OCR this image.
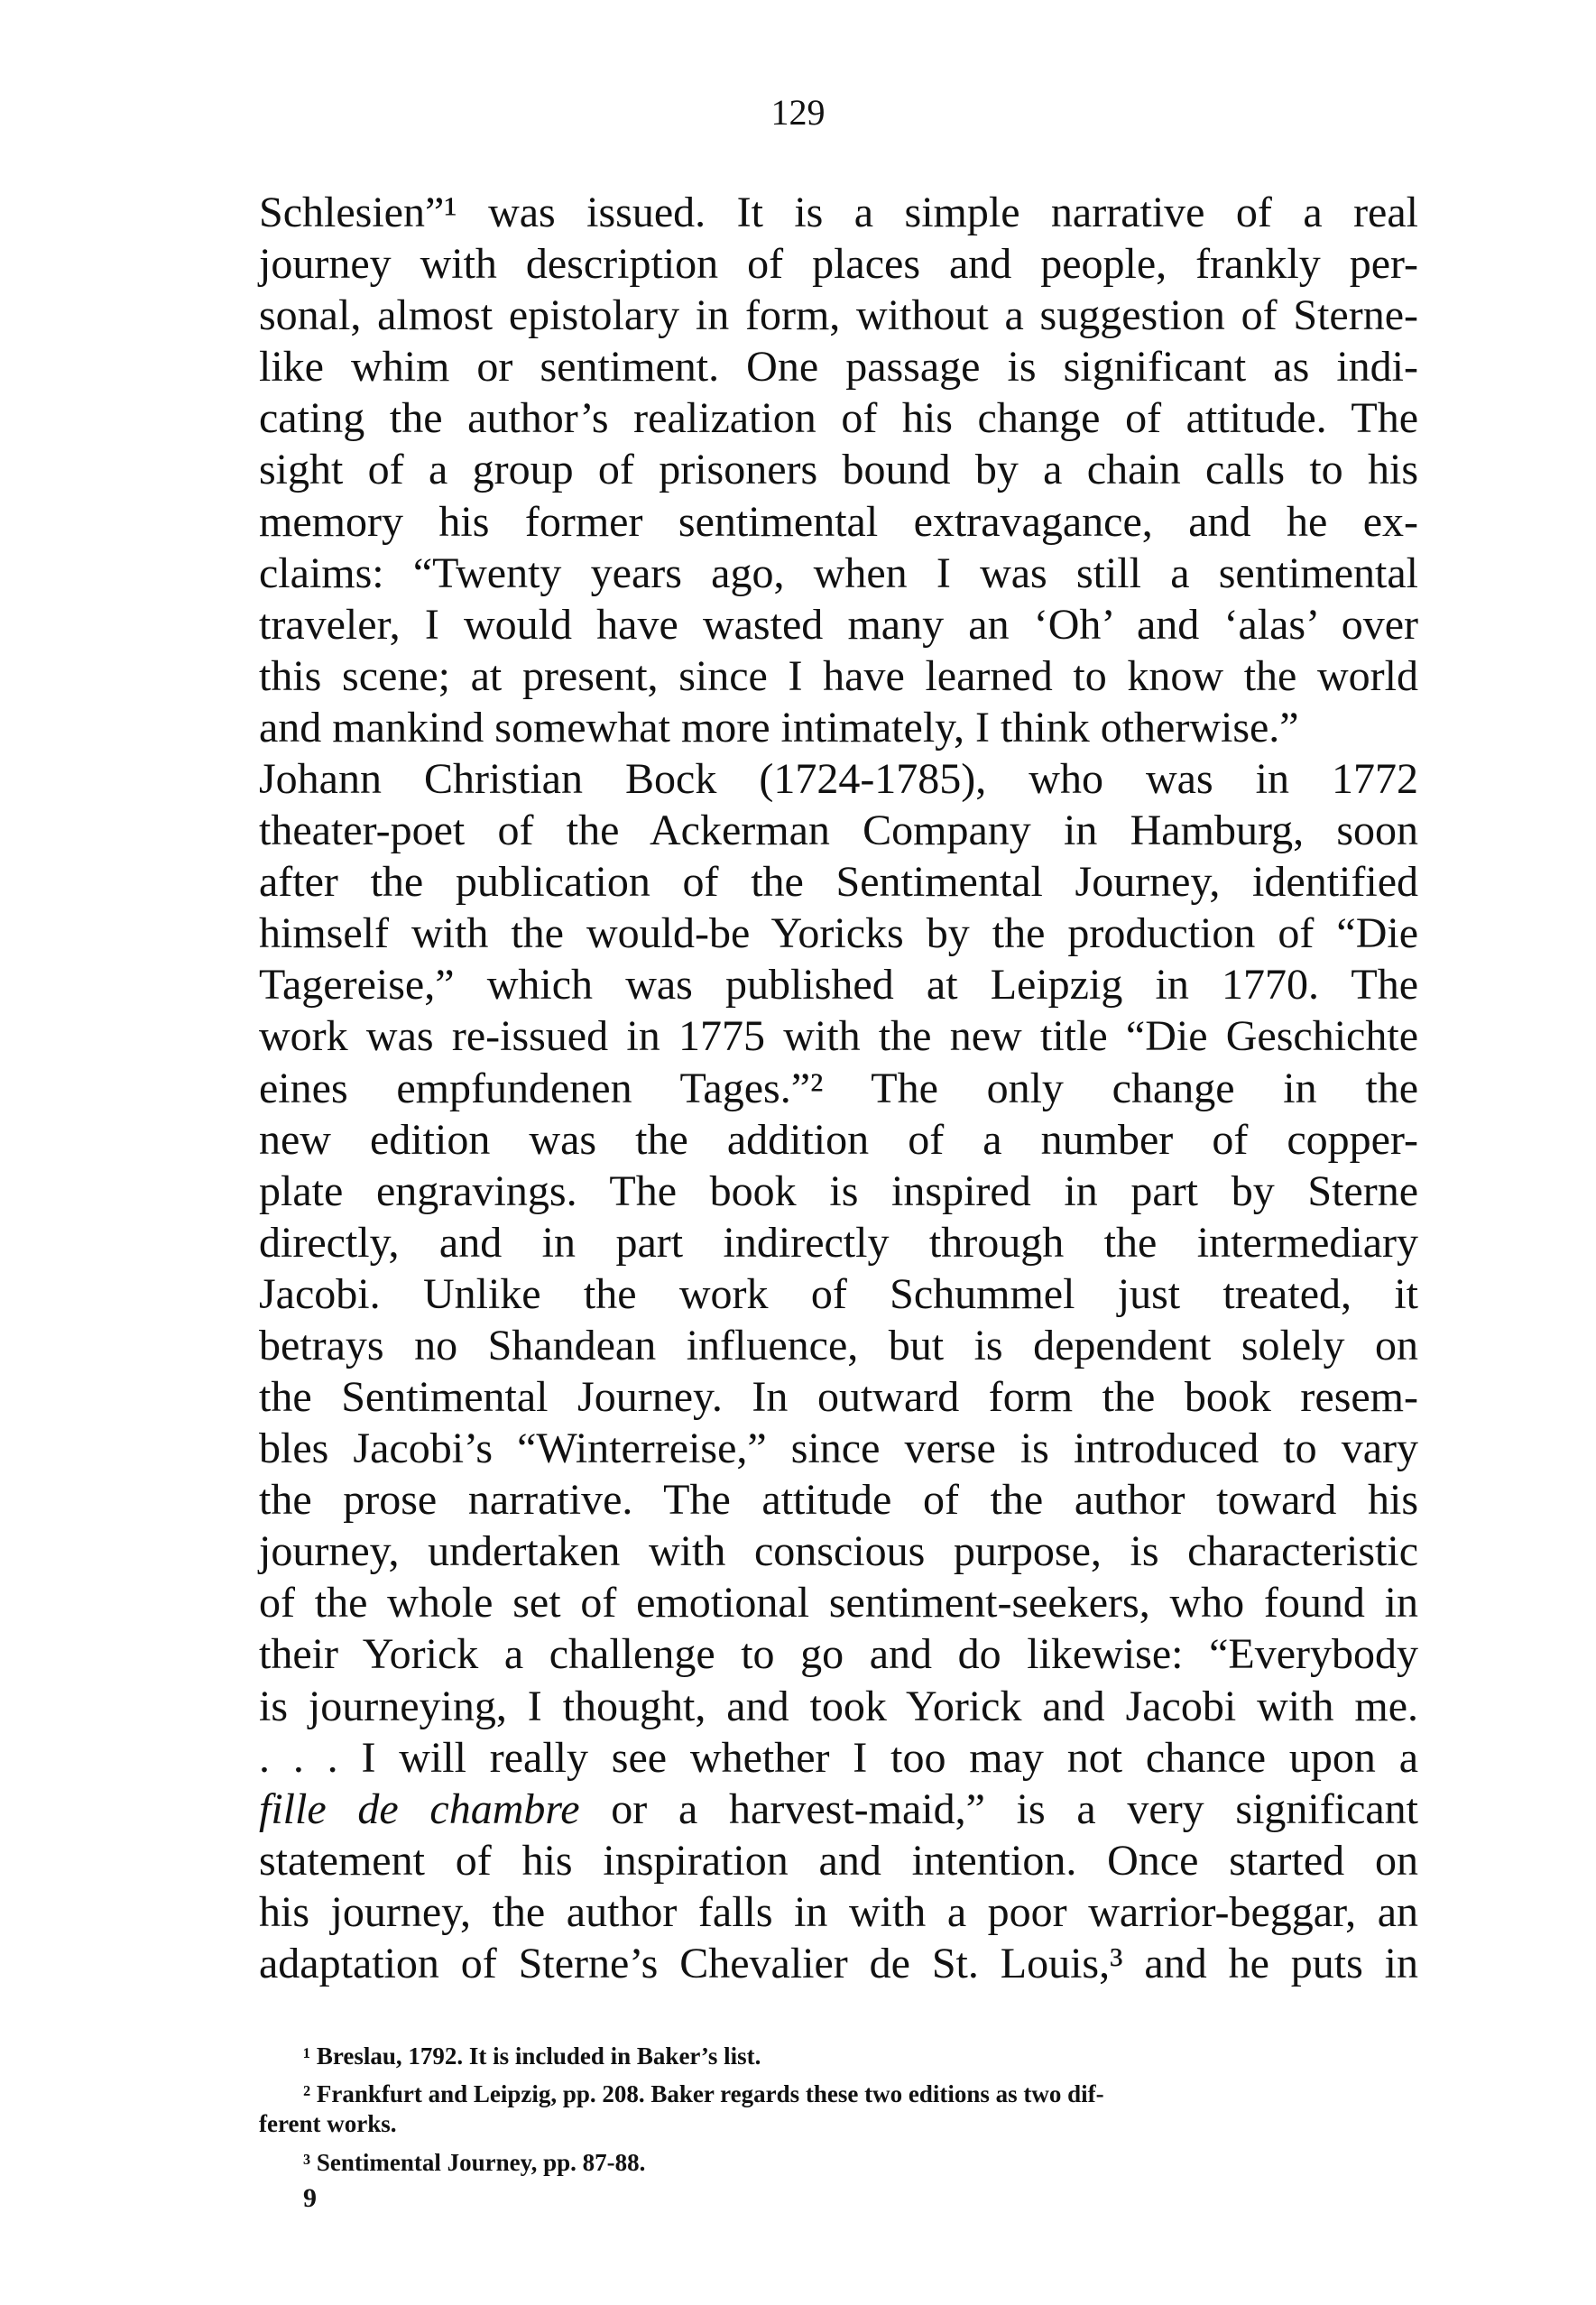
129
Schlesien”¹ was issued. It is a simple narrative of a real
journey with description of places and people, frankly per-
sonal, almost epistolary in form, without a suggestion of Sterne-
like whim or sentiment. One passage is significant as indi-
cating the author’s realization of his change of attitude. The
sight of a group of prisoners bound by a chain calls to his
memory his former sentimental extravagance, and he ex-
claims: “Twenty years ago, when I was still a sentimental
traveler, I would have wasted many an ‘Oh’ and ‘alas’ over
this scene; at present, since I have learned to know the world
and mankind somewhat more intimately, I think otherwise.”
Johann Christian Bock (1724-1785), who was in 1772
theater-poet of the Ackerman Company in Hamburg, soon
after the publication of the Sentimental Journey, identified
himself with the would-be Yoricks by the production of “Die
Tagereise,” which was published at Leipzig in 1770. The
work was re-issued in 1775 with the new title “Die Geschichte
eines empfundenen Tages.”² The only change in the
new edition was the addition of a number of copper-
plate engravings. The book is inspired in part by Sterne
directly, and in part indirectly through the intermediary
Jacobi. Unlike the work of Schummel just treated, it
betrays no Shandean influence, but is dependent solely on
the Sentimental Journey. In outward form the book resem-
bles Jacobi’s “Winterreise,” since verse is introduced to vary
the prose narrative. The attitude of the author toward his
journey, undertaken with conscious purpose, is characteristic
of the whole set of emotional sentiment-seekers, who found in
their Yorick a challenge to go and do likewise: “Everybody
is journeying, I thought, and took Yorick and Jacobi with me.
. . . I will really see whether I too may not chance upon a
fille de chambre or a harvest-maid,” is a very significant
statement of his inspiration and intention. Once started on
his journey, the author falls in with a poor warrior-beggar, an
adaptation of Sterne’s Chevalier de St. Louis,³ and he puts in
¹ Breslau, 1792. It is included in Baker’s list.
² Frankfurt and Leipzig, pp. 208. Baker regards these two editions as two dif-
ferent works.
³ Sentimental Journey, pp. 87-88.
9
